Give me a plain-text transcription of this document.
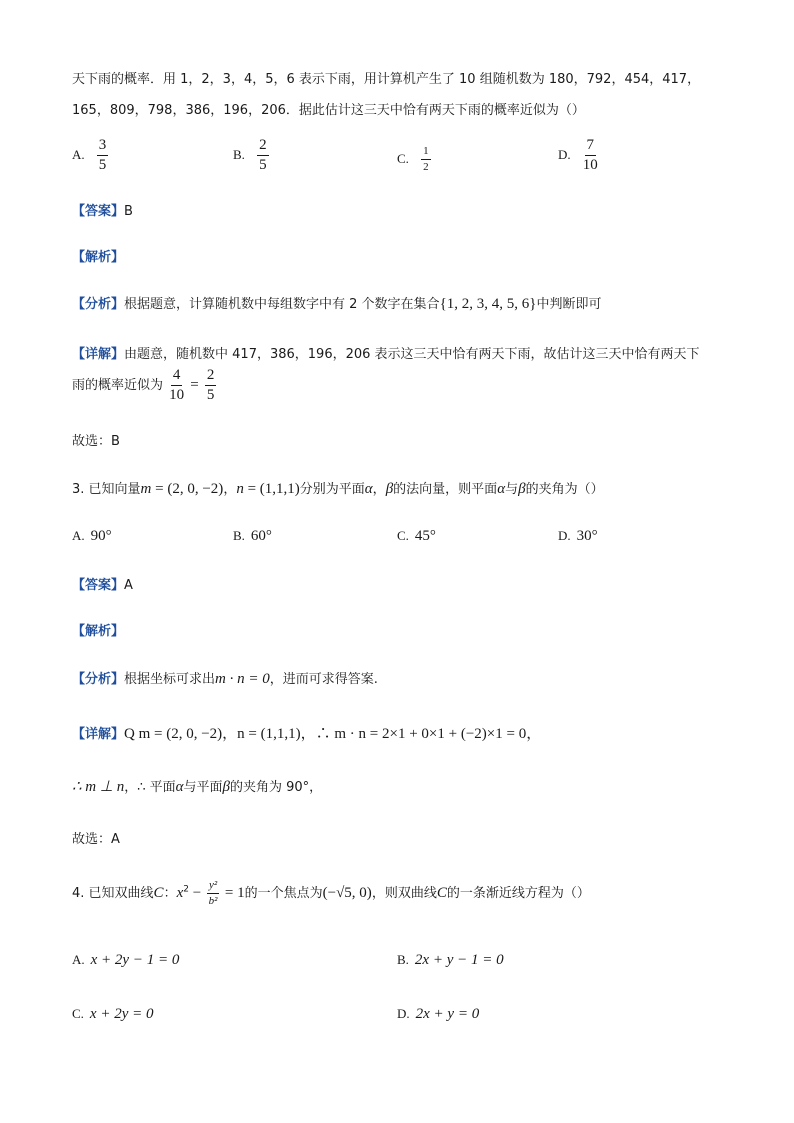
天下雨的概率．用 1，2，3，4，5，6 表示下雨，用计算机产生了 10 组随机数为 180，792，454，417，
165，809，798，386，196，206．据此估计这三天中恰有两天下雨的概率近似为（）
A. $\frac{3}{5}$	B. $\frac{2}{5}$	C. $\frac{1}{2}$	D. $\frac{7}{10}$
【答案】B
【解析】
【分析】根据题意，计算随机数中每组数字中有 2 个数字在集合{1, 2, 3, 4, 5, 6}中判断即可
【详解】由题意，随机数中 417，386，196，206 表示这三天中恰有两天下雨，故估计这三天中恰有两天下
雨的概率近似为 $\frac{4}{10} = \frac{2}{5}$
故选：B
3. 已知向量m = (2, 0, −2)，n = (1,1,1)分别为平面α，β的法向量，则平面α与β的夹角为（）
A. 90°	B. 60°	C. 45°	D. 30°
【答案】A
【解析】
【分析】根据坐标可求出m · n = 0，进而可求得答案.
【详解】Q m = (2, 0, −2)，n = (1,1,1)，∴ m · n = 2×1 + 0×1 + (−2)×1 = 0，
∴ m ⊥ n，∴ 平面α与平面β的夹角为 90°，
故选：A
4. 已知双曲线C：$x^2 - \frac{\text{y²}}{\text{b²}} = 1$的一个焦点为(−√5, 0)，则双曲线C的一条渐近线方程为（）
A. x + 2y − 1 = 0	B. 2x + y − 1 = 0
C. x + 2y = 0	D. 2x + y = 0
